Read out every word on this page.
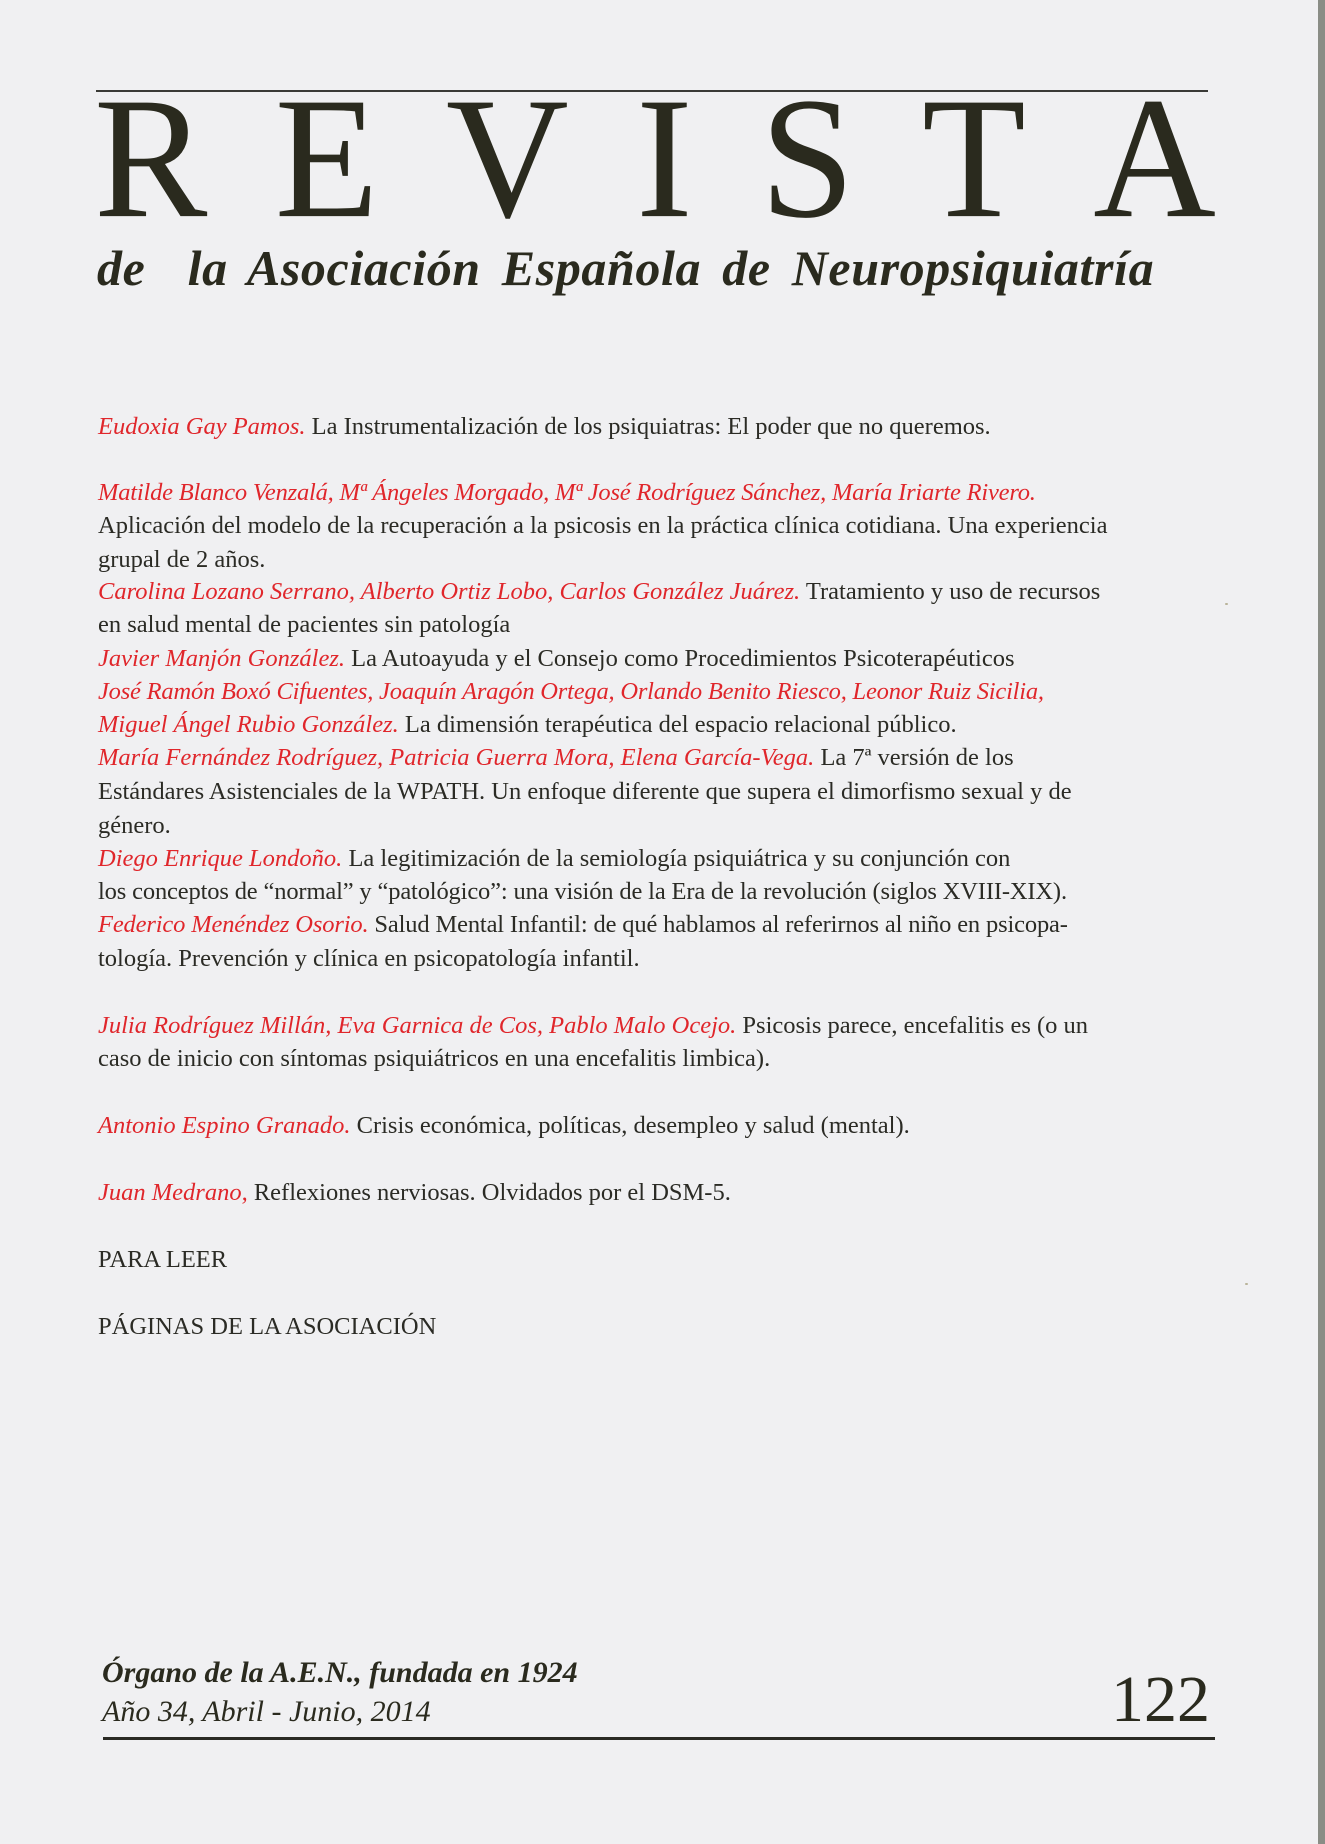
R E V I S T A
de  la Asociación Española de Neuropsiquiatría
Eudoxia Gay Pamos. La Instrumentalización de los psiquiatras: El poder que no queremos.
Matilde Blanco Venzalá, Mª Ángeles Morgado, Mª José Rodríguez Sánchez, María Iriarte Rivero.
Aplicación del modelo de la recuperación a la psicosis en la práctica clínica cotidiana. Una experiencia
grupal de 2 años.
Carolina Lozano Serrano, Alberto Ortiz Lobo, Carlos González Juárez. Tratamiento y uso de recursos
en salud mental de pacientes sin patología
Javier Manjón González. La Autoayuda y el Consejo como Procedimientos Psicoterapéuticos
José Ramón Boxó Cifuentes, Joaquín Aragón Ortega, Orlando Benito Riesco, Leonor Ruiz Sicilia,
Miguel Ángel Rubio González. La dimensión terapéutica del espacio relacional público.
María Fernández Rodríguez, Patricia Guerra Mora, Elena García-Vega. La 7ª versión de los
Estándares Asistenciales de la WPATH. Un enfoque diferente que supera el dimorfismo sexual y de
género.
Diego Enrique Londoño. La legitimización de la semiología psiquiátrica y su conjunción con
los conceptos de “normal” y “patológico”: una visión de la Era de la revolución (siglos XVIII-XIX).
Federico Menéndez Osorio. Salud Mental Infantil: de qué hablamos al referirnos al niño en psicopa-
tología. Prevención y clínica en psicopatología infantil.
Julia Rodríguez Millán, Eva Garnica de Cos, Pablo Malo Ocejo. Psicosis parece, encefalitis es (o un
caso de inicio con síntomas psiquiátricos en una encefalitis limbica).
Antonio Espino Granado. Crisis económica, políticas, desempleo y salud (mental).
Juan Medrano, Reflexiones nerviosas. Olvidados por el DSM-5.
PARA LEER
PÁGINAS DE LA ASOCIACIÓN
Órgano de la A.E.N., fundada en 1924
Año 34, Abril - Junio, 2014	122
